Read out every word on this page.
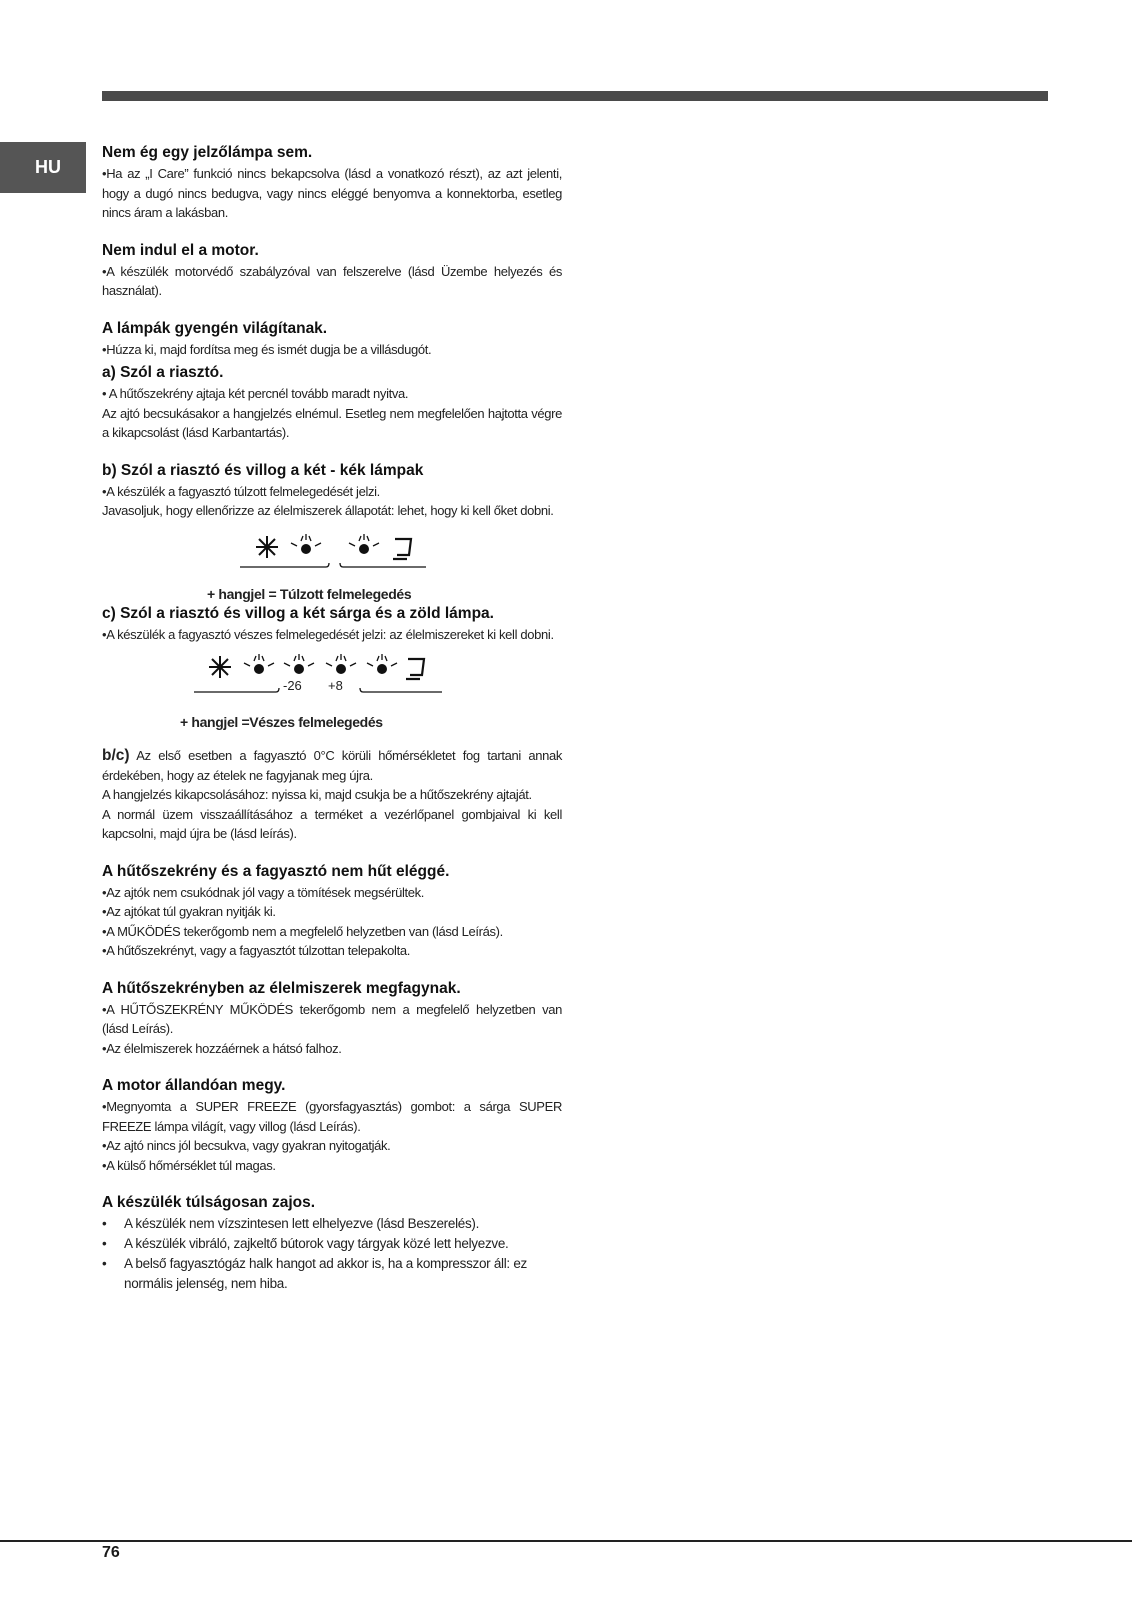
HU
Nem ég egy jelzőlámpa sem.

•Ha az „I Care” funkció nincs bekapcsolva (lásd a vonatkozó részt), az azt jelenti, hogy a dugó nincs bedugva, vagy nincs eléggé benyomva a konnektorba, esetleg nincs áram a lakásban.

Nem indul el a motor.

•A készülék motorvédő szabályzóval van felszerelve (lásd Üzembe helyezés és használat).

A lámpák gyengén világítanak.

•Húzza ki, majd fordítsa meg és ismét dugja be a villásdugót.

a) Szól a riasztó.

• A hűtőszekrény ajtaja két percnél tovább maradt nyitva.

Az ajtó becsukásakor a hangjelzés elnémul. Esetleg nem megfelelően hajtotta végre a kikapcsolást (lásd Karbantartás).

b) Szól a riasztó és villog a két - kék lámpak

•A készülék a fagyasztó túlzott felmelegedését jelzi.

Javasoljuk, hogy ellenőrizze az élelmiszerek állapotát: lehet, hogy ki kell őket dobni.

+ hangjel = Túlzott felmelegedés

c) Szól a riasztó és villog a két sárga és a zöld lámpa.

•A készülék a fagyasztó vészes felmelegedését jelzi: az élelmiszereket ki kell dobni.

-26 +8

+ hangjel =Vészes felmelegedés

b/c) Az első esetben a fagyasztó 0°C körüli hőmérsékletet fog tartani annak érdekében, hogy az ételek ne fagyjanak meg újra.

A hangjelzés kikapcsolásához: nyissa ki, majd csukja be a hűtőszekrény ajtaját.

A normál üzem visszaállításához a terméket a vezérlőpanel gombjaival ki kell kapcsolni, majd újra be (lásd leírás).

A hűtőszekrény és a fagyasztó nem hűt eléggé.

•Az ajtók nem csukódnak jól vagy a tömítések megsérültek.

•Az ajtókat túl gyakran nyitják ki.

•A MŰKÖDÉS tekerőgomb nem a megfelelő helyzetben van (lásd Leírás).

•A hűtőszekrényt, vagy a fagyasztót túlzottan telepakolta.

A hűtőszekrényben az élelmiszerek megfagynak.

•A HŰTŐSZEKRÉNY MŰKÖDÉS tekerőgomb nem a megfelelő helyzetben van (lásd Leírás).

•Az élelmiszerek hozzáérnek a hátsó falhoz.

A motor állandóan megy.

•Megnyomta a SUPER FREEZE (gyorsfagyasztás) gombot: a sárga SUPER FREEZE lámpa világít, vagy villog (lásd Leírás).

•Az ajtó nincs jól becsukva, vagy gyakran nyitogatják.

•A külső hőmérséklet túl magas.

A készülék túlságosan zajos.
• A készülék nem vízszintesen lett elhelyezve (lásd Beszerelés).
• A készülék vibráló, zajkeltő bútorok vagy tárgyak közé lett helyezve.
• A belső fagyasztógáz halk hangot ad akkor is, ha a kompresszor áll: ez normális jelenség, nem hiba.
76
